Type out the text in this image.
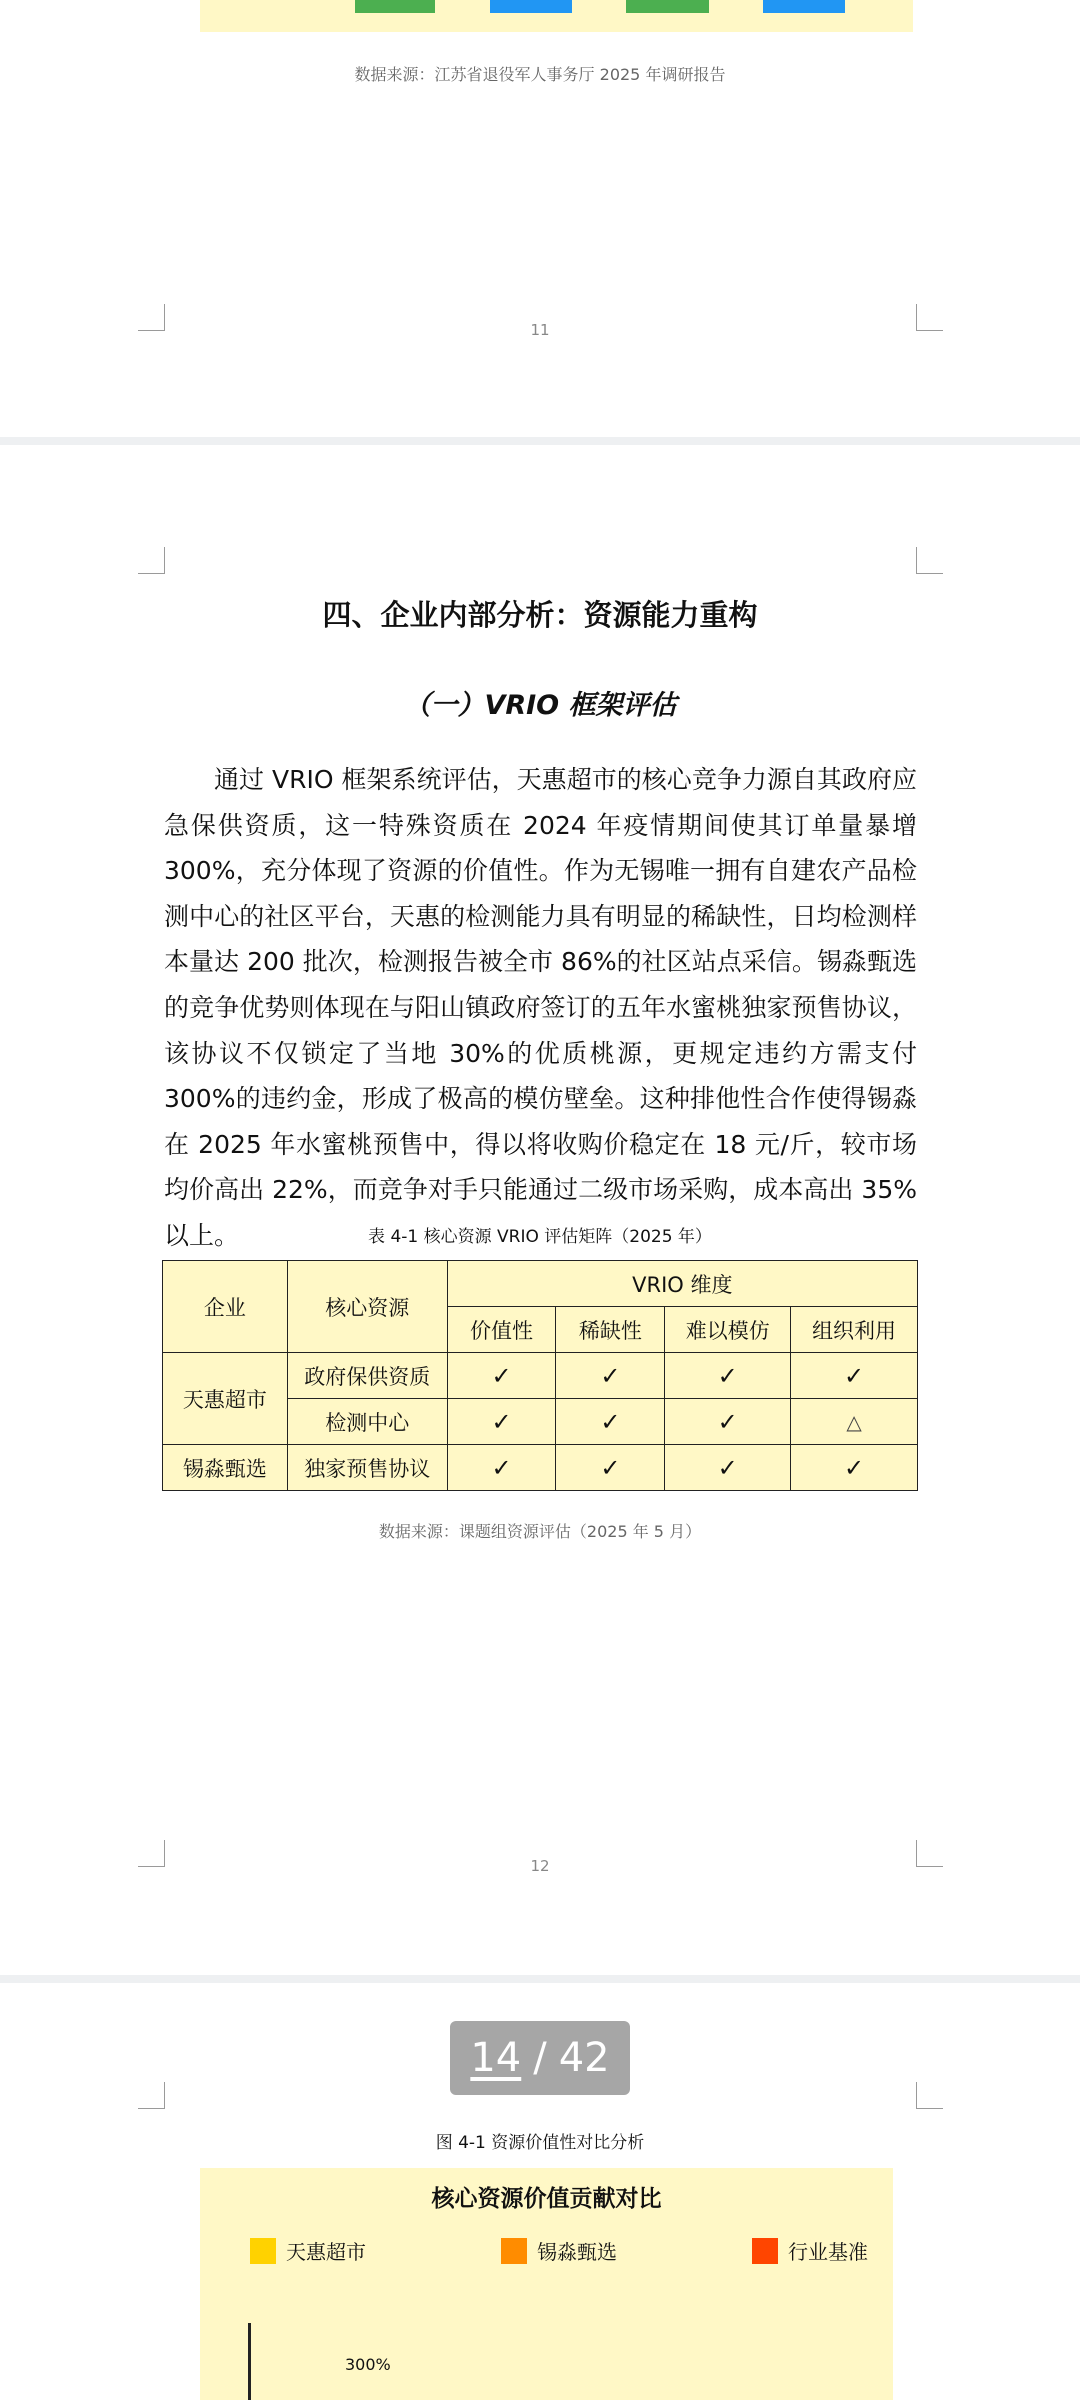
数据来源：江苏省退役军人事务厅 2025 年调研报告
11
四、企业内部分析：资源能力重构
（一）VRIO 框架评估
通过 VRIO 框架系统评估，天惠超市的核心竞争力源自其政府应急保供资质，这一特殊资质在 2024 年疫情期间使其订单量暴增 300%，充分体现了资源的价值性。作为无锡唯一拥有自建农产品检测中心的社区平台，天惠的检测能力具有明显的稀缺性，日均检测样本量达 200 批次，检测报告被全市 86%的社区站点采信。锡淼甄选的竞争优势则体现在与阳山镇政府签订的五年水蜜桃独家预售协议，该协议不仅锁定了当地 30%的优质桃源，更规定违约方需支付 300%的违约金，形成了极高的模仿壁垒。这种排他性合作使得锡淼在 2025 年水蜜桃预售中，得以将收购价稳定在 18 元/斤，较市场均价高出 22%，而竞争对手只能通过二级市场采购，成本高出 35%以上。	表 4-1 核心资源 VRIO 评估矩阵（2025 年）
企业	核心资源	VRIO 维度			
		价值性	稀缺性	难以模仿	组织利用
天惠超市	政府保供资质	✓	✓	✓	✓
	检测中心	✓	✓	✓	△
锡淼甄选	独家预售协议	✓	✓	✓	✓
数据来源：课题组资源评估（2025 年 5 月）
12
14 / 42
图 4-1 资源价值性对比分析
核心资源价值贡献对比
天惠超市	锡淼甄选	行业基准
300%
